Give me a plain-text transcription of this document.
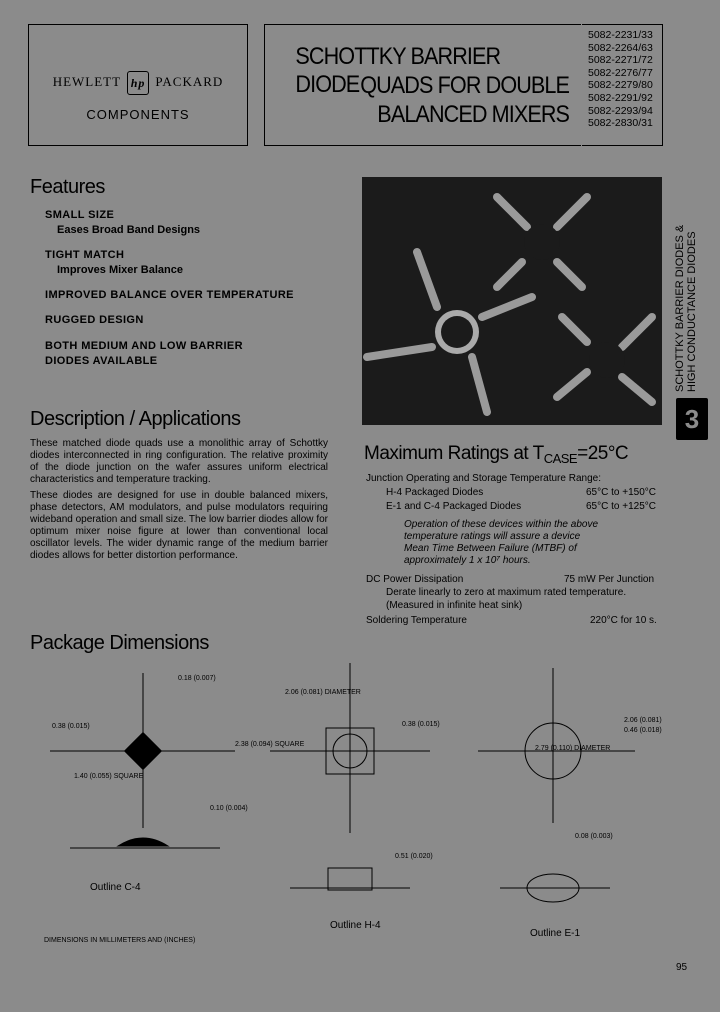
HEWLETT hp PACKARD
COMPONENTS
SCHOTTKY BARRIER DIODE QUADS FOR DOUBLE
BALANCED MIXERS
5082-2231/33
5082-2264/63
5082-2271/72
5082-2276/77
5082-2279/80
5082-2291/92
5082-2293/94
5082-2830/31
Features
SMALL SIZE
Eases Broad Band Designs
TIGHT MATCH
Improves Mixer Balance
IMPROVED BALANCE OVER TEMPERATURE
RUGGED DESIGN
BOTH MEDIUM AND LOW BARRIER
DIODES AVAILABLE	SCHOTTKY BARRIER DIODES & HIGH CONDUCTANCE DIODES
3
Description / Applications
These matched diode quads use a monolithic array of Schottky diodes interconnected in ring configuration. The relative proximity of the diode junction on the wafer assures uniform electrical characteristics and temperature tracking.
These diodes are designed for use in double balanced mixers, phase detectors, AM modulators, and pulse modulators requiring wideband operation and small size. The low barrier diodes allow for optimum mixer noise figure at lower than conventional local oscillator levels. The wider dynamic range of the medium barrier diodes allows for better distortion performance.
Maximum Ratings at $T_{CASE}=25^\circ C$
Junction Operating and Storage Temperature Range:
H-4 Packaged Diodes	65°C to +150°C
E-1 and C-4 Packaged Diodes	65°C to +125°C
Operation of these devices within the above
temperature ratings will assure a device
Mean Time Between Failure (MTBF) of
approximately 1 x 10⁷ hours.
DC Power Dissipation	75 mW Per Junction
Derate linearly to zero at maximum rated temperature.
(Measured in infinite heat sink)
Soldering Temperature	220°C for 10 s.
Package Dimensions
0.18 (0.007)
0.38 (0.015)
0.10 (0.004)
1.40 (0.055) SQUARE
2.06 (0.081) DIAMETER
2.38 (0.094) SQUARE
0.38 (0.015)
0.51 (0.020)
2.79 (0.110) DIAMETER
0.08 (0.003)
2.06 (0.081)
0.46 (0.018)
Outline C-4
Outline H-4
Outline E-1
DIMENSIONS IN MILLIMETERS AND (INCHES)
95
